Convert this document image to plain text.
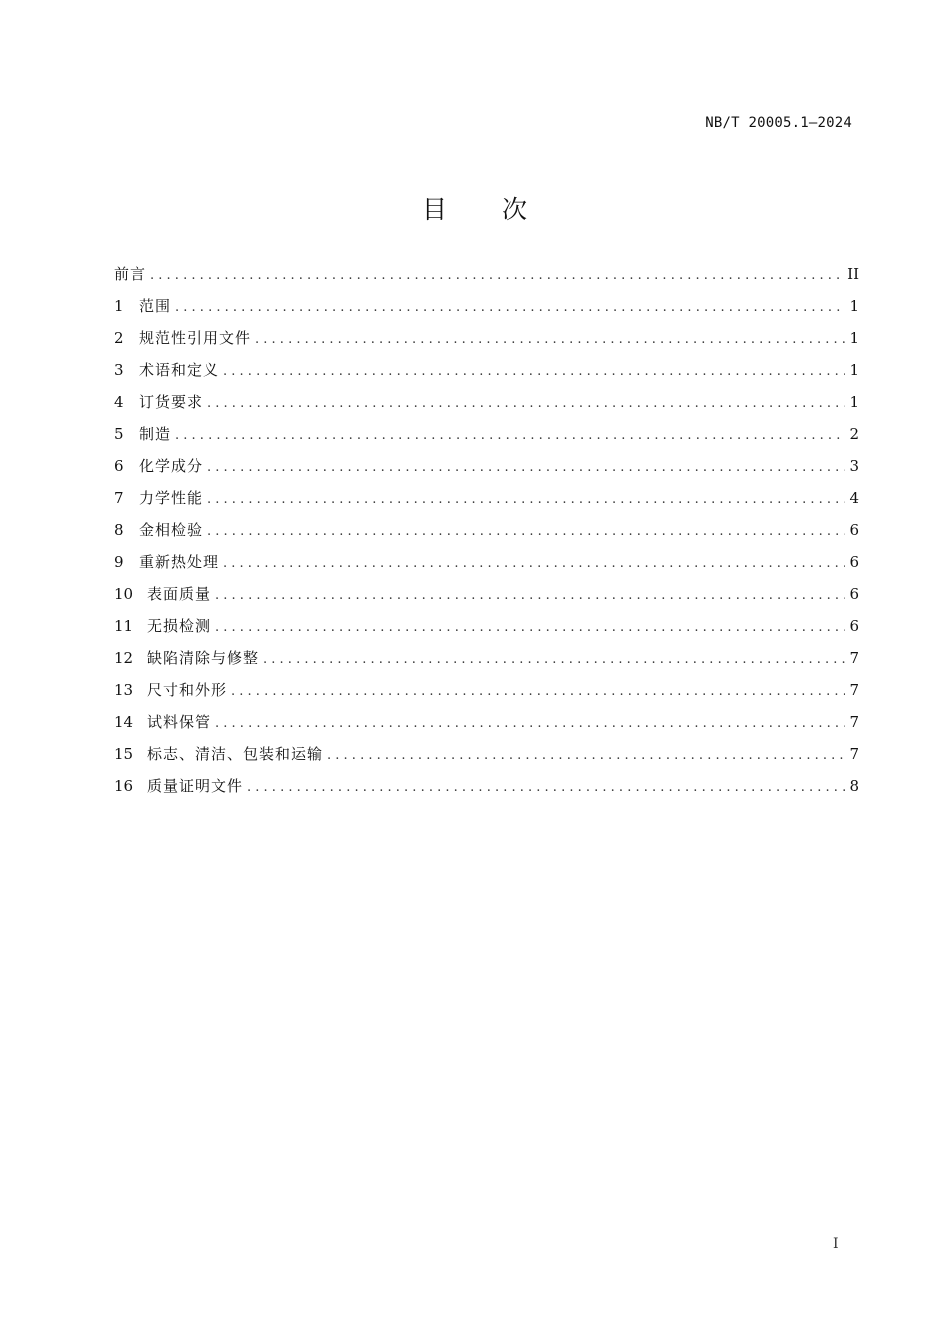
NB/T 20005.1—2024
目 次
前言 . . .	II
1	范围 . . .	1
2	规范性引用文件 . . .	1
3	术语和定义 . . .	1
4	订货要求 . . .	1
5	制造 . . .	2
6	化学成分 . . .	3
7	力学性能 . . .	4
8	金相检验 . . .	6
9	重新热处理 . . .	6
10 表面质量 . . .	6
11 无损检测 . . .	6
12 缺陷清除与修整 . . .	7
13 尺寸和外形 . . .	7
14 试料保管 . . .	7
15 标志、清洁、包装和运输 . . .	7
16 质量证明文件 . . .	8
I
